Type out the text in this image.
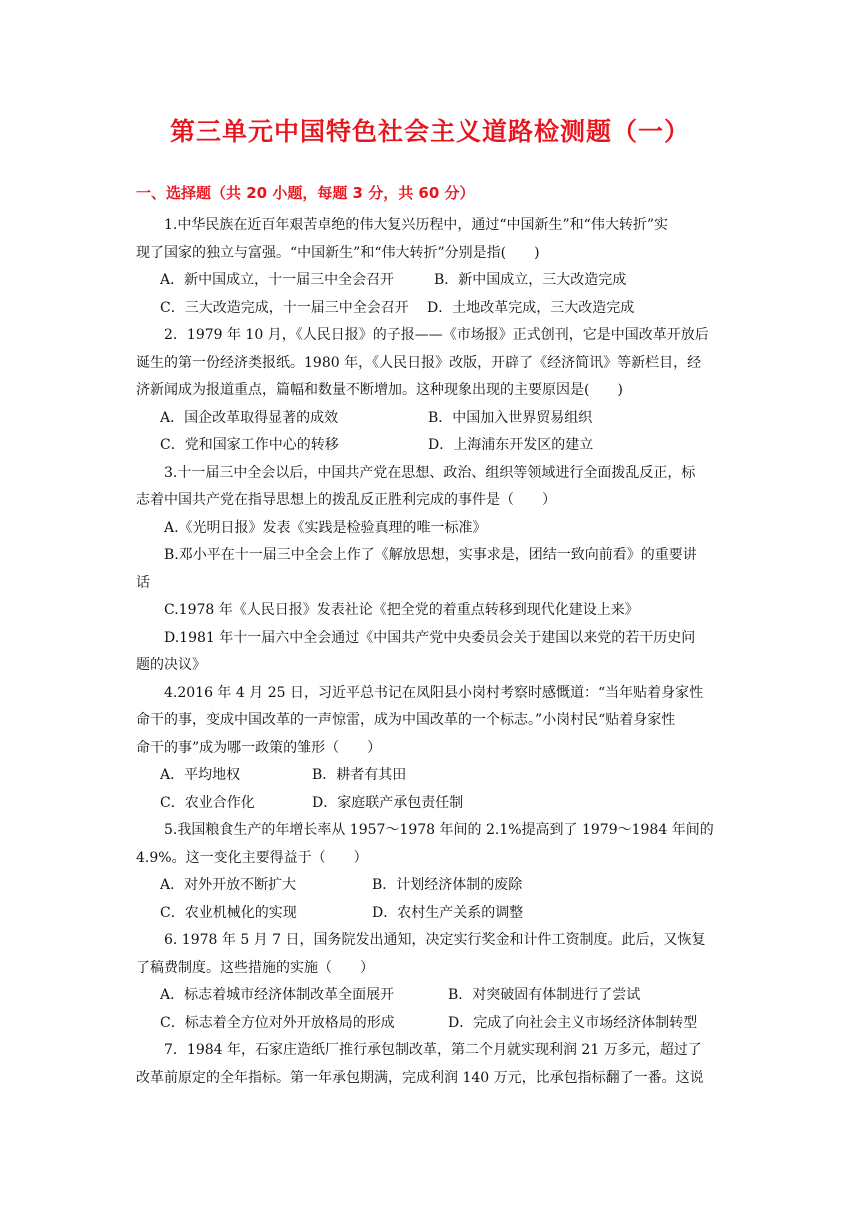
第三单元中国特色社会主义道路检测题（一）
一、选择题（共 20 小题，每题 3 分，共 60 分）

1.中华民族在近百年艰苦卓绝的伟大复兴历程中，通过“中国新生”和“伟大转折”实

现了国家的独立与富强。“中国新生”和“伟大转折”分别是指(　　)

A．新中国成立，十一届三中全会召开	B．新中国成立，三大改造完成
C．三大改造完成，十一届三中全会召开	D．土地改革完成，三大改造完成

2．1979 年 10 月，《人民日报》的子报——《市场报》正式创刊，它是中国改革开放后

诞生的第一份经济类报纸。1980 年，《人民日报》改版，开辟了《经济简讯》等新栏目，经

济新闻成为报道重点，篇幅和数量不断增加。这种现象出现的主要原因是(　　)

A．国企改革取得显著的成效	B．中国加入世界贸易组织
C．党和国家工作中心的转移	D．上海浦东开发区的建立

3.十一届三中全会以后，中国共产党在思想、政治、组织等领域进行全面拨乱反正，标

志着中国共产党在指导思想上的拨乱反正胜利完成的事件是（　　）

A.《光明日报》发表《实践是检验真理的唯一标准》

B.邓小平在十一届三中全会上作了《解放思想，实事求是，团结一致向前看》的重要讲

话

C.1978 年《人民日报》发表社论《把全党的着重点转移到现代化建设上来》

D.1981 年十一届六中全会通过《中国共产党中央委员会关于建国以来党的若干历史问

题的决议》

4.2016 年 4 月 25 日，习近平总书记在凤阳县小岗村考察时感慨道：“当年贴着身家性

命干的事，变成中国改革的一声惊雷，成为中国改革的一个标志。”小岗村民“贴着身家性

命干的事”成为哪一政策的雏形（　　）

A．平均地权	B．耕者有其田
C．农业合作化	D．家庭联产承包责任制

5.我国粮食生产的年增长率从 1957～1978 年间的 2.1%提高到了 1979～1984 年间的

4.9%。这一变化主要得益于（　　）

A．对外开放不断扩大	B．计划经济体制的废除
C．农业机械化的实现	D．农村生产关系的调整

6. 1978 年 5 月 7 日，国务院发出通知，决定实行奖金和计件工资制度。此后，又恢复

了稿费制度。这些措施的实施（　　）

A．标志着城市经济体制改革全面展开	B．对突破固有体制进行了尝试
C．标志着全方位对外开放格局的形成	D．完成了向社会主义市场经济体制转型

7．1984 年，石家庄造纸厂推行承包制改革，第二个月就实现利润 21 万多元，超过了

改革前原定的全年指标。第一年承包期满，完成利润 140 万元，比承包指标翻了一番。这说
